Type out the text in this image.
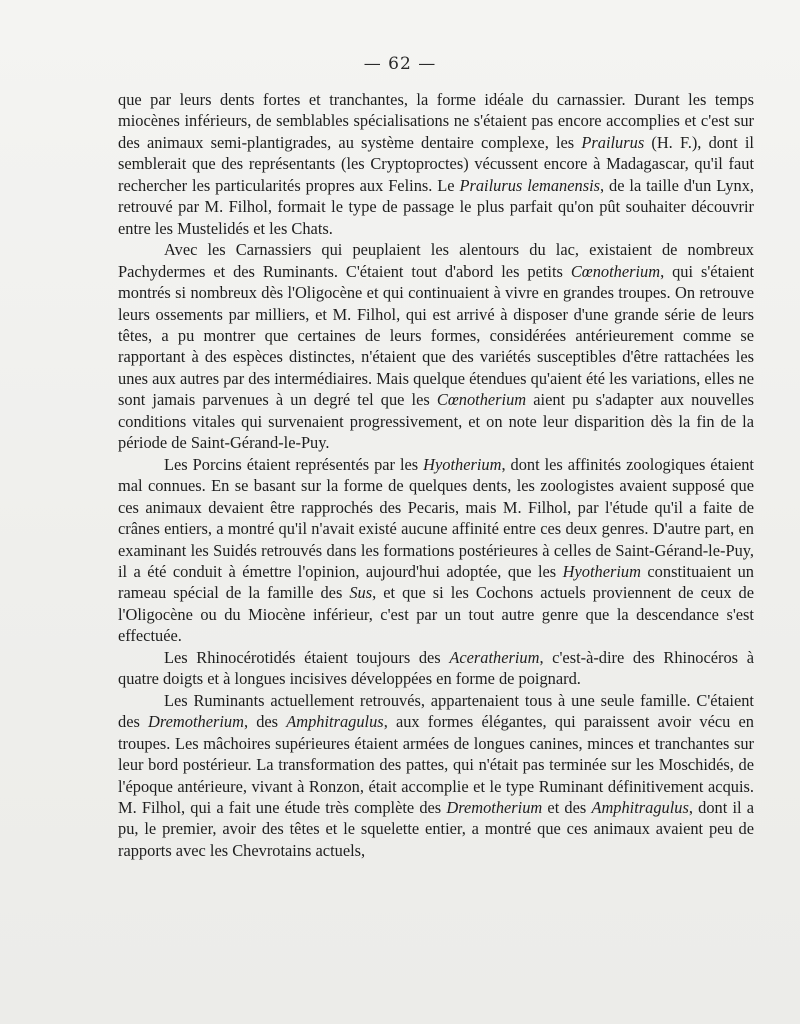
— 62 —

que par leurs dents fortes et tranchantes, la forme idéale du carnassier. Durant les temps miocènes inférieurs, de semblables spécialisations ne s'étaient pas encore accomplies et c'est sur des animaux semi-plantigrades, au système dentaire complexe, les Prailurus (H. F.), dont il semblerait que des représentants (les Cryptoproctes) vécussent encore à Madagascar, qu'il faut rechercher les particularités propres aux Felins. Le Prailurus lemanensis, de la taille d'un Lynx, retrouvé par M. Filhol, formait le type de passage le plus parfait qu'on pût souhaiter découvrir entre les Mustelidés et les Chats.

Avec les Carnassiers qui peuplaient les alentours du lac, existaient de nombreux Pachydermes et des Ruminants. C'étaient tout d'abord les petits Cœnotherium, qui s'étaient montrés si nombreux dès l'Oligocène et qui continuaient à vivre en grandes troupes. On retrouve leurs ossements par milliers, et M. Filhol, qui est arrivé à disposer d'une grande série de leurs têtes, a pu montrer que certaines de leurs formes, considérées antérieurement comme se rapportant à des espèces distinctes, n'étaient que des variétés susceptibles d'être rattachées les unes aux autres par des intermédiaires. Mais quelque étendues qu'aient été les variations, elles ne sont jamais parvenues à un degré tel que les Cœnotherium aient pu s'adapter aux nouvelles conditions vitales qui survenaient progressivement, et on note leur disparition dès la fin de la période de Saint-Gérand-le-Puy.

Les Porcins étaient représentés par les Hyotherium, dont les affinités zoologiques étaient mal connues. En se basant sur la forme de quelques dents, les zoologistes avaient supposé que ces animaux devaient être rapprochés des Pecaris, mais M. Filhol, par l'étude qu'il a faite de crânes entiers, a montré qu'il n'avait existé aucune affinité entre ces deux genres. D'autre part, en examinant les Suidés retrouvés dans les formations postérieures à celles de Saint-Gérand-le-Puy, il a été conduit à émettre l'opinion, aujourd'hui adoptée, que les Hyotherium constituaient un rameau spécial de la famille des Sus, et que si les Cochons actuels proviennent de ceux de l'Oligocène ou du Miocène inférieur, c'est par un tout autre genre que la descendance s'est effectuée.

Les Rhinocérotidés étaient toujours des Aceratherium, c'est-à-dire des Rhinocéros à quatre doigts et à longues incisives développées en forme de poignard.

Les Ruminants actuellement retrouvés, appartenaient tous à une seule famille. C'étaient des Dremotherium, des Amphitragulus, aux formes élégantes, qui paraissent avoir vécu en troupes. Les mâchoires supérieures étaient armées de longues canines, minces et tranchantes sur leur bord postérieur. La transformation des pattes, qui n'était pas terminée sur les Moschidés, de l'époque antérieure, vivant à Ronzon, était accomplie et le type Ruminant définitivement acquis. M. Filhol, qui a fait une étude très complète des Dremotherium et des Amphitragulus, dont il a pu, le premier, avoir des têtes et le squelette entier, a montré que ces animaux avaient peu de rapports avec les Chevrotains actuels,
